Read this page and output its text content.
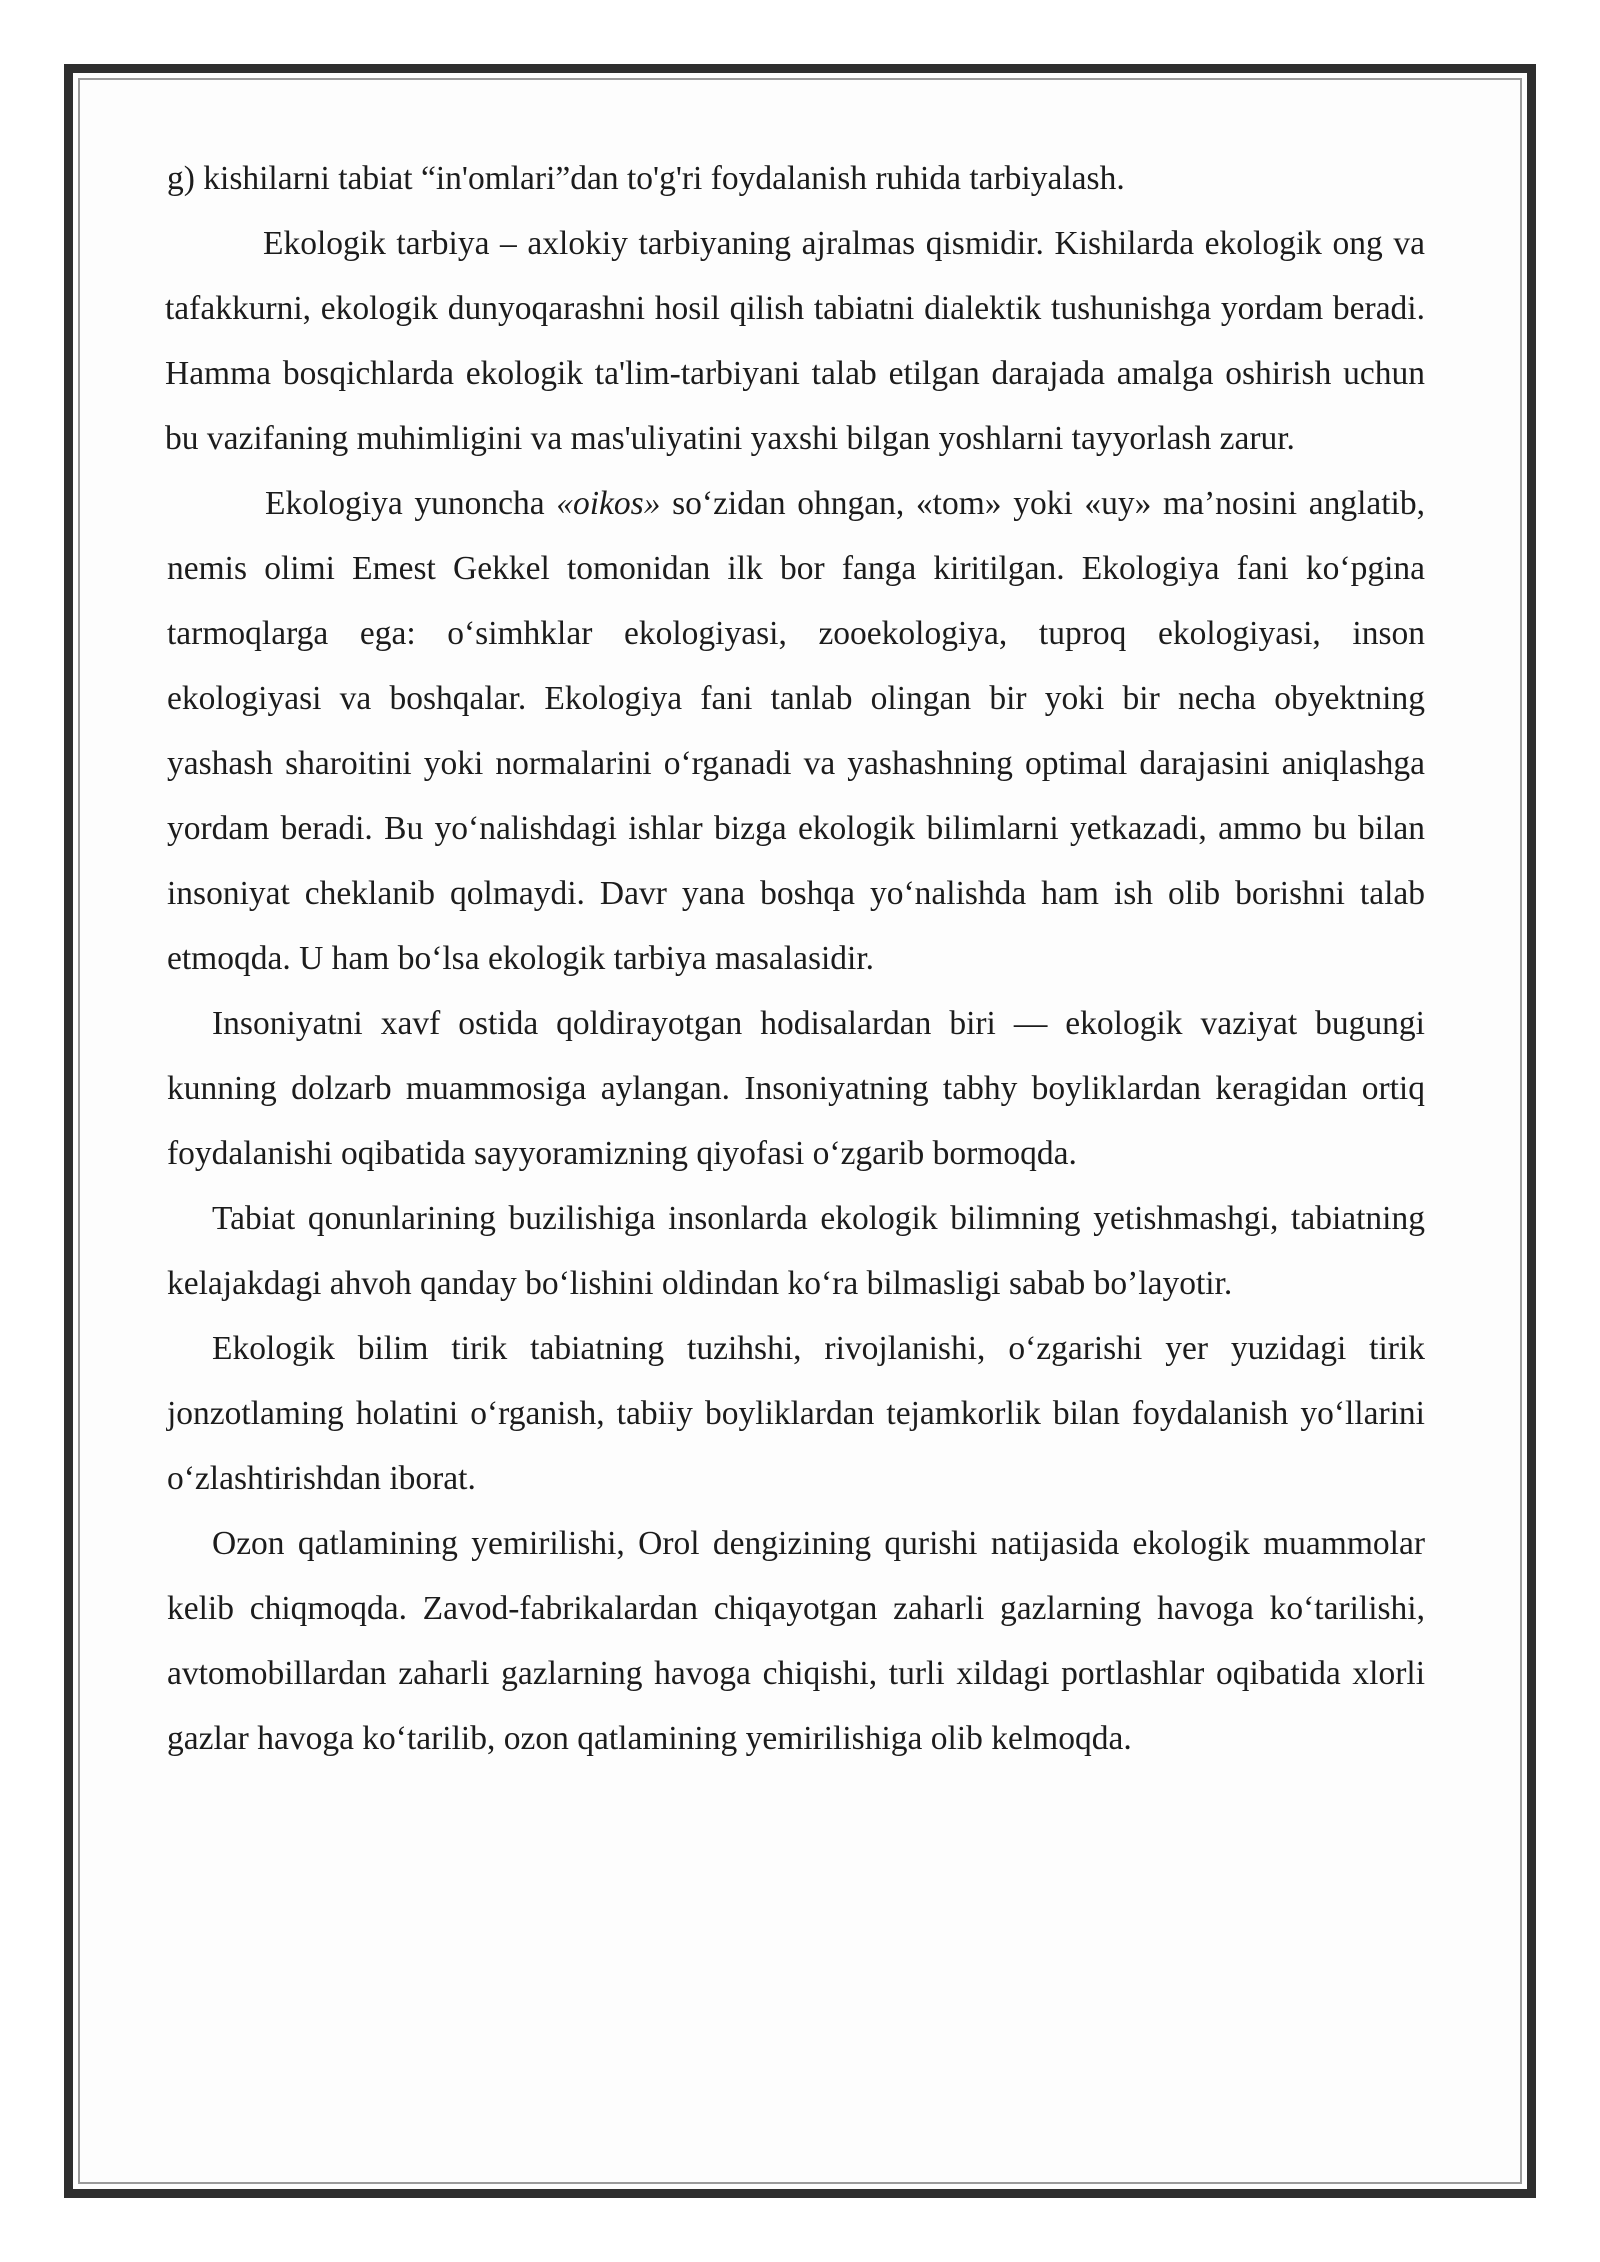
g) kishilarni tabiat “in'omlari”dan to'g'ri foydalanish ruhida tarbiyalash.

Ekologik tarbiya – axlokiy tarbiyaning ajralmas qismidir. Kishilarda ekologik ong va tafakkurni, ekologik dunyoqarashni hosil qilish tabiatni dialektik tushunishga yordam beradi. Hamma bosqichlarda ekologik ta'lim-tarbiyani talab etilgan darajada amalga oshirish uchun bu vazifaning muhimligini va mas'uliyatini yaxshi bilgan yoshlarni tayyorlash zarur.

Ekologiya yunoncha «oikos» so‘zidan ohngan, «tom» yoki «uy» ma’nosini anglatib, nemis olimi Emest Gekkel tomonidan ilk bor fanga kiritilgan. Ekologiya fani ko‘pgina tarmoqlarga ega: o‘simhklar ekologiyasi, zooekologiya, tuproq ekologiyasi, inson ekologiyasi va boshqalar. Ekologiya fani tanlab olingan bir yoki bir necha obyektning yashash sharoitini yoki normalarini o‘rganadi va yashashning optimal darajasini aniqlashga yordam beradi. Bu yo‘nalishdagi ishlar bizga ekologik bilimlarni yetkazadi, ammo bu bilan insoniyat cheklanib qolmaydi. Davr yana boshqa yo‘nalishda ham ish olib borishni talab etmoqda. U ham bo‘lsa ekologik tarbiya masalasidir.

Insoniyatni xavf ostida qoldirayotgan hodisalardan biri — ekologik vaziyat bugungi kunning dolzarb muammosiga aylangan. Insoniyatning tabhy boyliklardan keragidan ortiq foydalanishi oqibatida sayyoramizning qiyofasi o‘zgarib bormoqda.

Tabiat qonunlarining buzilishiga insonlarda ekologik bilimning yetishmashgi, tabiatning kelajakdagi ahvoh qanday bo‘lishini oldindan ko‘ra bilmasligi sabab bo’layotir.

Ekologik bilim tirik tabiatning tuzihshi, rivojlanishi, o‘zgarishi yer yuzidagi tirik jonzotlaming holatini o‘rganish, tabiiy boyliklardan tejamkorlik bilan foydalanish yo‘llarini o‘zlashtirishdan iborat.

Ozon qatlamining yemirilishi, Orol dengizining qurishi natijasida ekologik muammolar kelib chiqmoqda. Zavod-fabrikalardan chiqayotgan zaharli gazlarning havoga ko‘tarilishi, avtomobillardan zaharli gazlarning havoga chiqishi, turli xildagi portlashlar oqibatida xlorli gazlar havoga ko‘tarilib, ozon qatlamining yemirilishiga olib kelmoqda.
